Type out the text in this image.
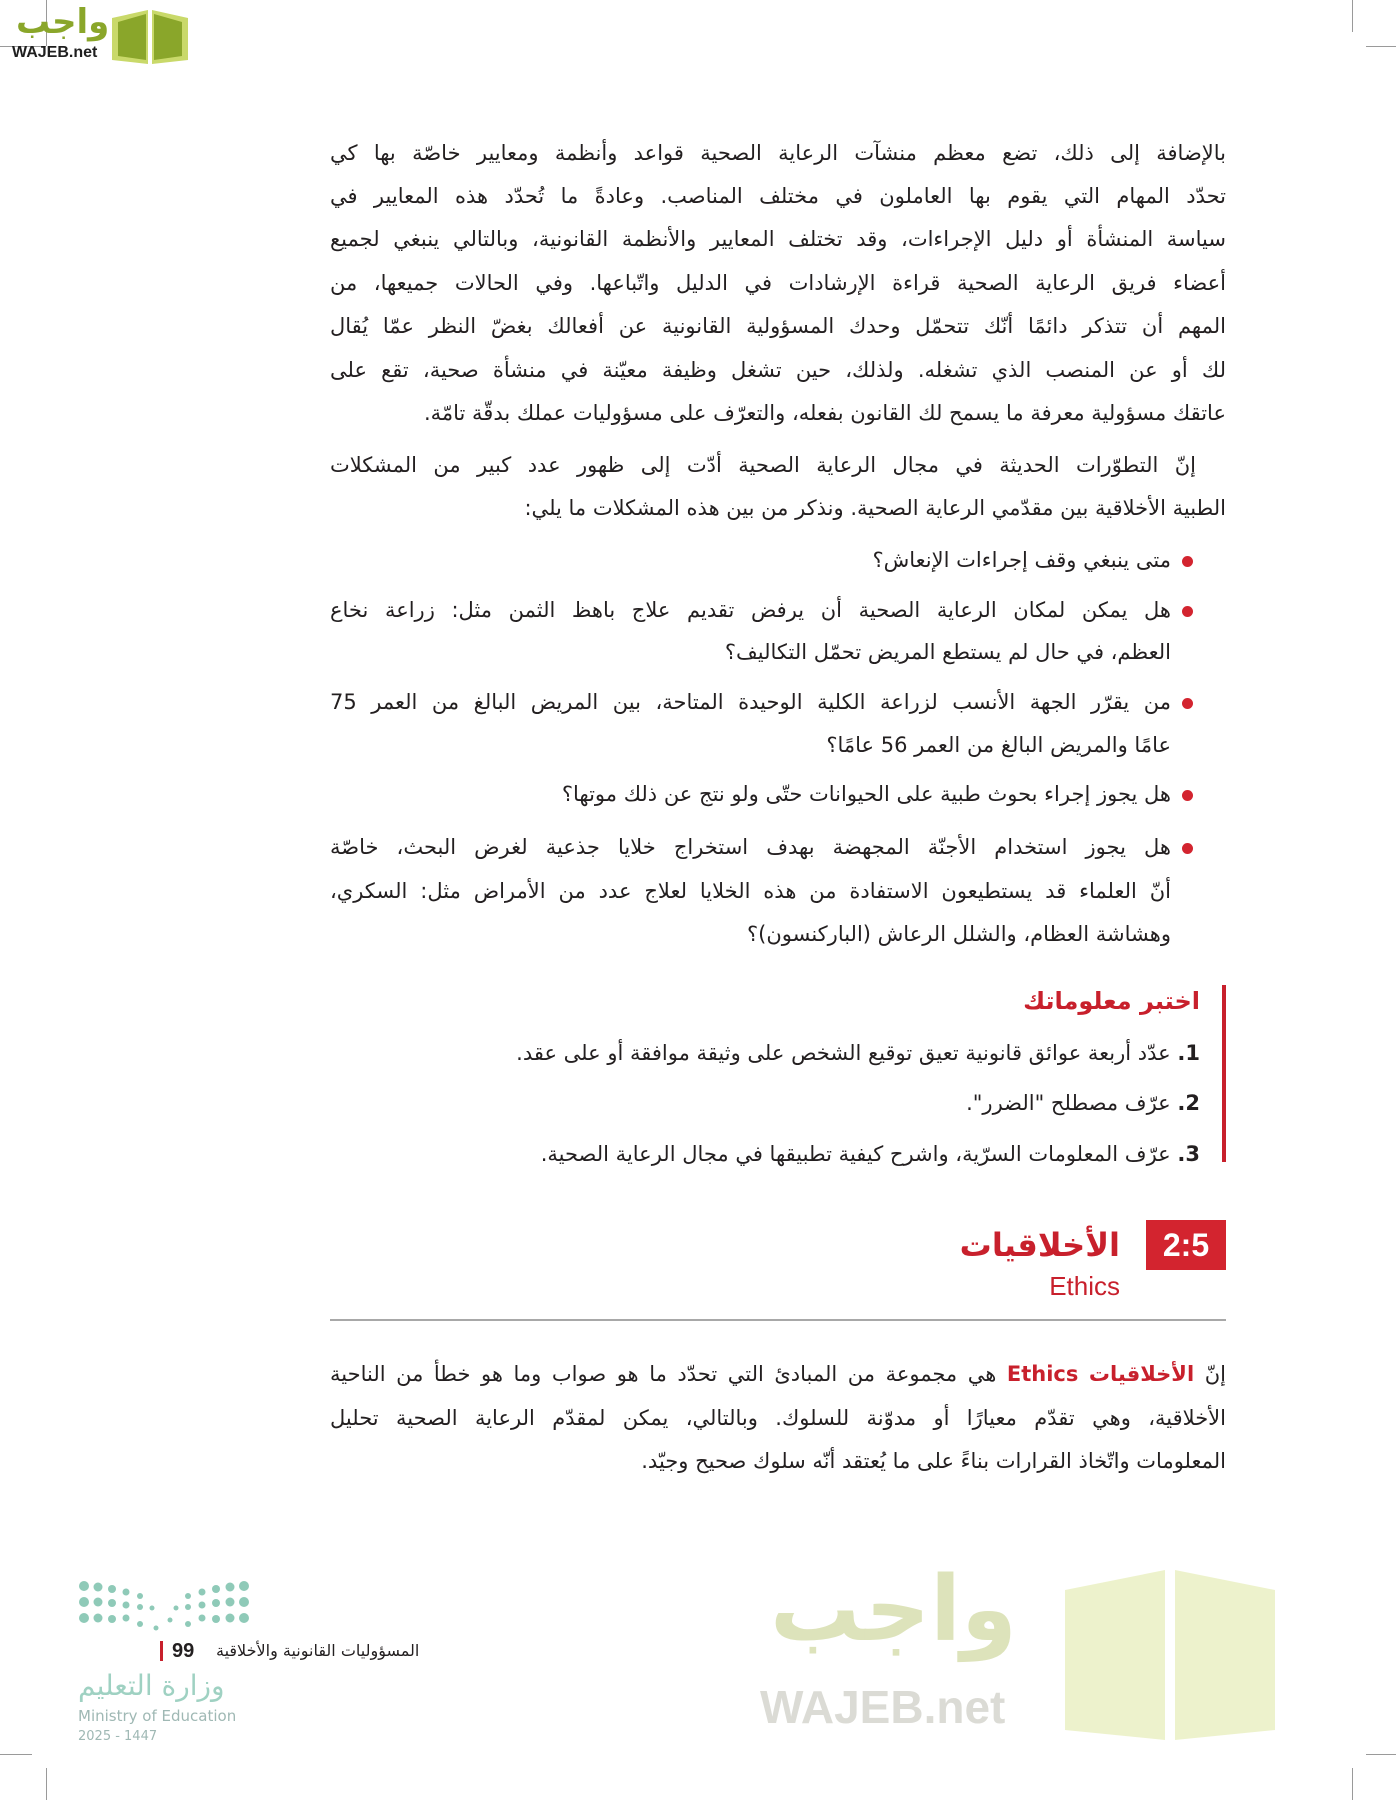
واجب
WAJEB.net
واجب
WAJEB.net
بالإضافة إلى ذلك، تضع معظم منشآت الرعاية الصحية قواعد وأنظمة ومعايير خاصّة بها كي
تحدّد المهام التي يقوم بها العاملون في مختلف المناصب. وعادةً ما تُحدّد هذه المعايير في
سياسة المنشأة أو دليل الإجراءات، وقد تختلف المعايير والأنظمة القانونية، وبالتالي ينبغي لجميع
أعضاء فريق الرعاية الصحية قراءة الإرشادات في الدليل واتّباعها. وفي الحالات جميعها، من
المهم أن تتذكر دائمًا أنّك تتحمّل وحدك المسؤولية القانونية عن أفعالك بغضّ النظر عمّا يُقال
لك أو عن المنصب الذي تشغله. ولذلك، حين تشغل وظيفة معيّنة في منشأة صحية، تقع على
عاتقك مسؤولية معرفة ما يسمح لك القانون بفعله، والتعرّف على مسؤوليات عملك بدقّة تامّة.
إنّ التطوّرات الحديثة في مجال الرعاية الصحية أدّت إلى ظهور عدد كبير من المشكلات
الطبية الأخلاقية بين مقدّمي الرعاية الصحية. ونذكر من بين هذه المشكلات ما يلي:
متى ينبغي وقف إجراءات الإنعاش؟
هل يمكن لمكان الرعاية الصحية أن يرفض تقديم علاج باهظ الثمن مثل: زراعة نخاع
العظم، في حال لم يستطع المريض تحمّل التكاليف؟
من يقرّر الجهة الأنسب لزراعة الكلية الوحيدة المتاحة، بين المريض البالغ من العمر 75
عامًا والمريض البالغ من العمر 56 عامًا؟
هل يجوز إجراء بحوث طبية على الحيوانات حتّى ولو نتج عن ذلك موتها؟
هل يجوز استخدام الأجنّة المجهضة بهدف استخراج خلايا جذعية لغرض البحث، خاصّة
أنّ العلماء قد يستطيعون الاستفادة من هذه الخلايا لعلاج عدد من الأمراض مثل: السكري،
وهشاشة العظام، والشلل الرعاش (الباركنسون)؟
اختبر معلوماتك
1. عدّد أربعة عوائق قانونية تعيق توقيع الشخص على وثيقة موافقة أو على عقد.
2. عرّف مصطلح "الضرر".
3. عرّف المعلومات السرّية، واشرح كيفية تطبيقها في مجال الرعاية الصحية.
2:5
الأخلاقيات
Ethics
إنّ الأخلاقيات Ethics هي مجموعة من المبادئ التي تحدّد ما هو صواب وما هو خطأ من الناحية
الأخلاقية، وهي تقدّم معيارًا أو مدوّنة للسلوك. وبالتالي، يمكن لمقدّم الرعاية الصحية تحليل
المعلومات واتّخاذ القرارات بناءً على ما يُعتقد أنّه سلوك صحيح وجيّد.
99 المسؤوليات القانونية والأخلاقية
وزارة التعليم
Ministry of Education
2025 - 1447
